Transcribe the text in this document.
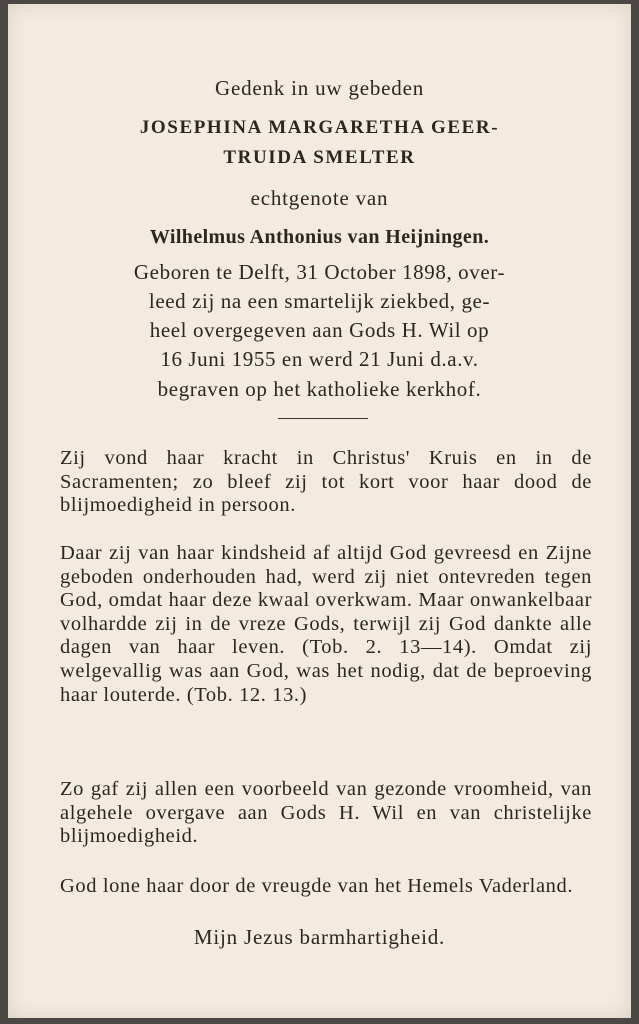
Gedenk in uw gebeden
JOSEPHINA MARGARETHA GEER-
TRUIDA SMELTER
echtgenote van
Wilhelmus Anthonius van Heijningen.
Geboren te Delft, 31 October 1898, over-
leed zij na een smartelijk ziekbed, ge-
heel overgegeven aan Gods H. Wil op
16 Juni 1955 en werd 21 Juni d.a.v.
begraven op het katholieke kerkhof.
Zij vond haar kracht in Christus' Kruis en in de Sacramenten; zo bleef zij tot kort voor haar dood de blijmoedigheid in persoon.
Daar zij van haar kindsheid af altijd God gevreesd en Zijne geboden onderhouden had, werd zij niet ontevreden tegen God, omdat haar deze kwaal overkwam. Maar onwankelbaar volhardde zij in de vreze Gods, terwijl zij God dankte alle dagen van haar leven. (Tob. 2. 13—14). Omdat zij welgevallig was aan God, was het nodig, dat de beproeving haar louterde. (Tob. 12. 13.)
Zo gaf zij allen een voorbeeld van gezonde vroomheid, van algehele overgave aan Gods H. Wil en van christelijke blijmoedigheid.
God lone haar door de vreugde van het Hemels Vaderland.
Mijn Jezus barmhartigheid.
